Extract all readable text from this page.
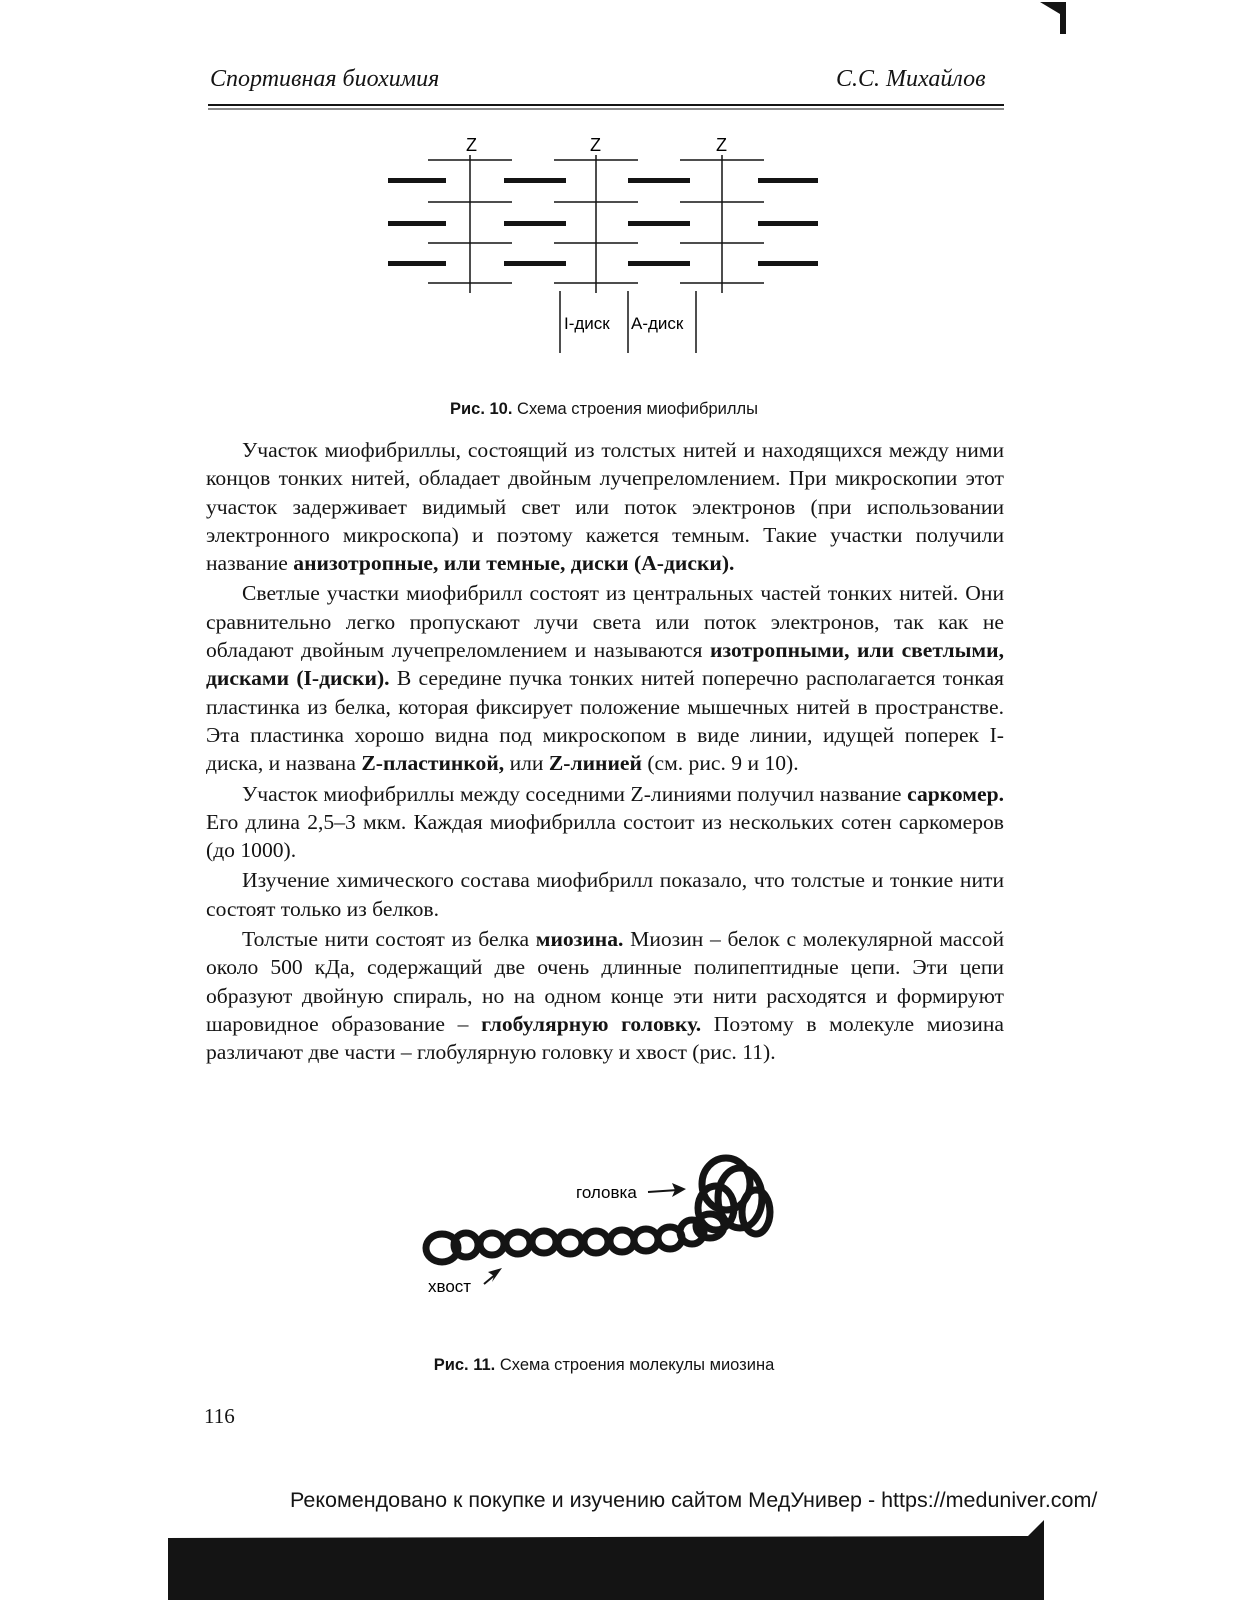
Спортивная биохимия	С.С. Михайлов
Z	Z	Z
I-диск А-диск
Рис. 10. Схема строения миофибриллы

Участок миофибриллы, состоящий из толстых нитей и находящихся между ними концов тонких нитей, обладает двойным лучепреломлением. При микроскопии этот участок задерживает видимый свет или поток электронов (при использовании электронного микроскопа) и поэтому кажется темным. Такие участки получили название анизотропные, или темные, диски (А-диски).

Светлые участки миофибрилл состоят из центральных частей тонких нитей. Они сравнительно легко пропускают лучи света или поток электронов, так как не обладают двойным лучепреломлением и называются изотропными, или светлыми, дисками (I-диски). В середине пучка тонких нитей поперечно располагается тонкая пластинка из белка, которая фиксирует положение мышечных нитей в пространстве. Эта пластинка хорошо видна под микроскопом в виде линии, идущей поперек I-диска, и названа Z-пластинкой, или Z-линией (см. рис. 9 и 10).

Участок миофибриллы между соседними Z-линиями получил название саркомер. Его длина 2,5–3 мкм. Каждая миофибрилла состоит из нескольких сотен саркомеров (до 1000).

Изучение химического состава миофибрилл показало, что толстые и тонкие нити состоят только из белков.

Толстые нити состоят из белка миозина. Миозин – белок с молекулярной массой около 500 кДа, содержащий две очень длинные полипептидные цепи. Эти цепи образуют двойную спираль, но на одном конце эти нити расходятся и формируют шаровидное образование – глобулярную головку. Поэтому в молекуле миозина различают две части – глобулярную головку и хвост (рис. 11).

головка
хвост
Рис. 11. Схема строения молекулы миозина
116
Рекомендовано к покупке и изучению сайтом МедУнивер - https://meduniver.com/
